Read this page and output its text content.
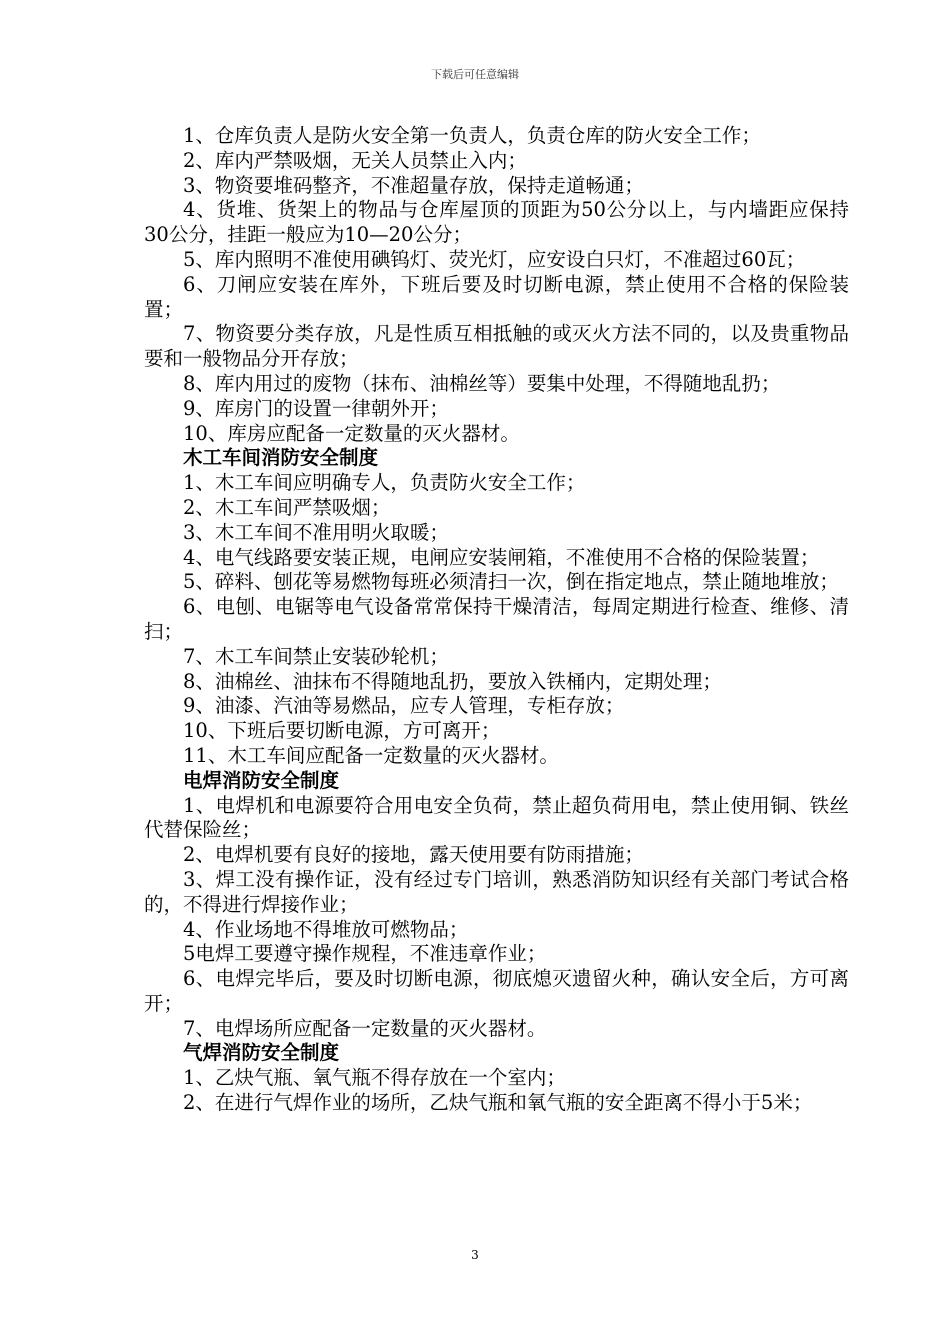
下载后可任意编辑

1、仓库负责人是防火安全第一负责人，负责仓库的防火安全工作；

2、库内严禁吸烟，无关人员禁止入内；

3、物资要堆码整齐，不准超量存放，保持走道畅通；

4、货堆、货架上的物品与仓库屋顶的顶距为50公分以上，与内墙距应保持30公分，挂距一般应为10—20公分；

5、库内照明不准使用碘钨灯、荧光灯，应安设白只灯，不准超过60瓦；

6、刀闸应安装在库外，下班后要及时切断电源，禁止使用不合格的保险装置；

7、物资要分类存放，凡是性质互相抵触的或灭火方法不同的，以及贵重物品要和一般物品分开存放；

8、库内用过的废物（抹布、油棉丝等）要集中处理，不得随地乱扔；

9、库房门的设置一律朝外开；

10、库房应配备一定数量的灭火器材。

木工车间消防安全制度

1、木工车间应明确专人，负责防火安全工作；

2、木工车间严禁吸烟；

3、木工车间不准用明火取暖；

4、电气线路要安装正规，电闸应安装闸箱，不准使用不合格的保险装置；

5、碎料、刨花等易燃物每班必须清扫一次，倒在指定地点，禁止随地堆放；

6、电刨、电锯等电气设备常常保持干燥清洁，每周定期进行检查、维修、清扫；

7、木工车间禁止安装砂轮机；

8、油棉丝、油抹布不得随地乱扔，要放入铁桶内，定期处理；

9、油漆、汽油等易燃品，应专人管理，专柜存放；

10、下班后要切断电源，方可离开；

11、木工车间应配备一定数量的灭火器材。

电焊消防安全制度

1、电焊机和电源要符合用电安全负荷，禁止超负荷用电，禁止使用铜、铁丝代替保险丝；

2、电焊机要有良好的接地，露天使用要有防雨措施；

3、焊工没有操作证，没有经过专门培训，熟悉消防知识经有关部门考试合格的，不得进行焊接作业；

4、作业场地不得堆放可燃物品；

5电焊工要遵守操作规程，不准违章作业；

6、电焊完毕后，要及时切断电源，彻底熄灭遗留火种，确认安全后，方可离开；

7、电焊场所应配备一定数量的灭火器材。

气焊消防安全制度

1、乙炔气瓶、氧气瓶不得存放在一个室内；

2、在进行气焊作业的场所，乙炔气瓶和氧气瓶的安全距离不得小于5米；

3
